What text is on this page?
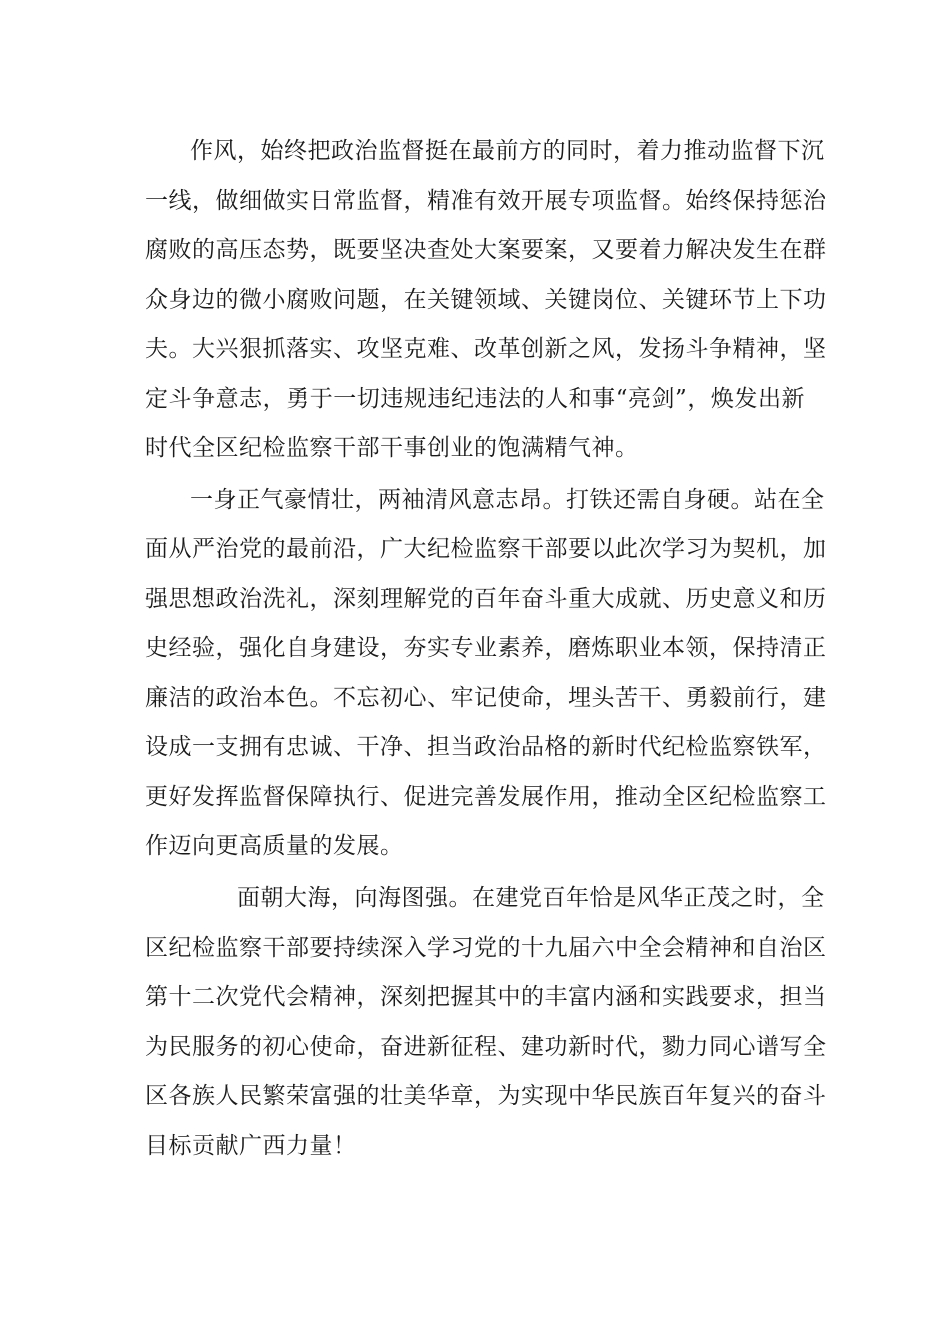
作风，始终把政治监督挺在最前方的同时，着力推动监督下沉
一线，做细做实日常监督，精准有效开展专项监督。始终保持惩治
腐败的高压态势，既要坚决查处大案要案，又要着力解决发生在群
众身边的微小腐败问题，在关键领域、关键岗位、关键环节上下功
夫。大兴狠抓落实、攻坚克难、改革创新之风，发扬斗争精神，坚
定斗争意志，勇于一切违规违纪违法的人和事“亮剑”，焕发出新
时代全区纪检监察干部干事创业的饱满精气神。
一身正气豪情壮，两袖清风意志昂。打铁还需自身硬。站在全
面从严治党的最前沿，广大纪检监察干部要以此次学习为契机，加
强思想政治洗礼，深刻理解党的百年奋斗重大成就、历史意义和历
史经验，强化自身建设，夯实专业素养，磨炼职业本领，保持清正
廉洁的政治本色。不忘初心、牢记使命，埋头苦干、勇毅前行，建
设成一支拥有忠诚、干净、担当政治品格的新时代纪检监察铁军，
更好发挥监督保障执行、促进完善发展作用，推动全区纪检监察工
作迈向更高质量的发展。
面朝大海，向海图强。在建党百年恰是风华正茂之时，全
区纪检监察干部要持续深入学习党的十九届六中全会精神和自治区
第十二次党代会精神，深刻把握其中的丰富内涵和实践要求，担当
为民服务的初心使命，奋进新征程、建功新时代，勠力同心谱写全
区各族人民繁荣富强的壮美华章，为实现中华民族百年复兴的奋斗
目标贡献广西力量！
